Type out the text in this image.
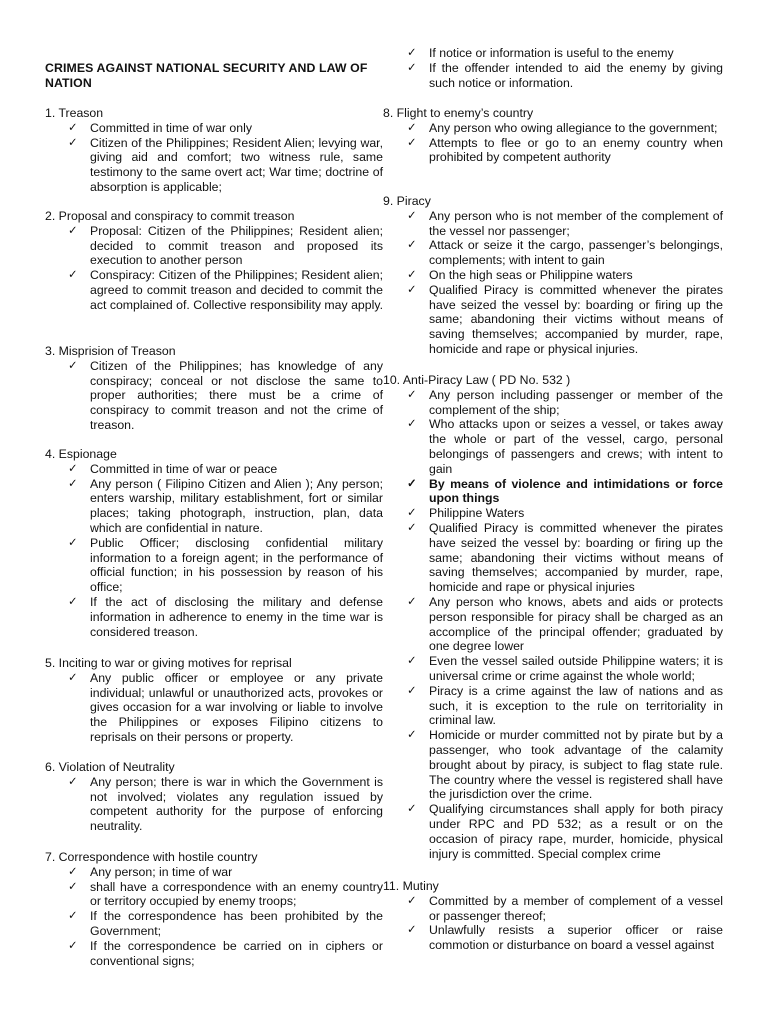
CRIMES AGAINST NATIONAL SECURITY AND LAW OF NATION

1. Treason

✓ Committed in time of war only
✓ Citizen of the Philippines; Resident Alien; levying war, giving aid and comfort; two witness rule, same testimony to the same overt act; War time; doctrine of absorption is applicable;

2. Proposal and conspiracy to commit treason

✓ Proposal: Citizen of the Philippines; Resident alien; decided to commit treason and proposed its execution to another person
✓ Conspiracy: Citizen of the Philippines; Resident alien; agreed to commit treason and decided to commit the act complained of. Collective responsibility may apply.

3. Misprision of Treason

✓ Citizen of the Philippines; has knowledge of any conspiracy; conceal or not disclose the same to proper authorities; there must be a crime of conspiracy to commit treason and not the crime of treason.

4. Espionage

✓ Committed in time of war or peace
✓ Any person ( Filipino Citizen and Alien ); Any person; enters warship, military establishment, fort or similar places; taking photograph, instruction, plan, data which are confidential in nature.
✓ Public Officer; disclosing confidential military information to a foreign agent; in the performance of official function; in his possession by reason of his office;
✓ If the act of disclosing the military and defense information in adherence to enemy in the time war is considered treason.

5. Inciting to war or giving motives for reprisal

✓ Any public officer or employee or any private individual; unlawful or unauthorized acts, provokes or gives occasion for a war involving or liable to involve the Philippines or exposes Filipino citizens to reprisals on their persons or property.

6. Violation of Neutrality

✓ Any person; there is war in which the Government is not involved; violates any regulation issued by competent authority for the purpose of enforcing neutrality.

7. Correspondence with hostile country

✓ Any person; in time of war
✓ shall have a correspondence with an enemy country or territory occupied by enemy troops;
✓ If the correspondence has been prohibited by the Government;
✓ If the correspondence be carried on in ciphers or conventional signs;
✓ If notice or information is useful to the enemy
✓ If the offender intended to aid the enemy by giving such notice or information.

8. Flight to enemy’s country

✓ Any person who owing allegiance to the government;
✓ Attempts to flee or go to an enemy country when prohibited by competent authority

9. Piracy

✓ Any person who is not member of the complement of the vessel nor passenger;
✓ Attack or seize it the cargo, passenger’s belongings, complements; with intent to gain
✓ On the high seas or Philippine waters
✓ Qualified Piracy is committed whenever the pirates have seized the vessel by: boarding or firing up the same; abandoning their victims without means of saving themselves; accompanied by murder, rape, homicide and rape or physical injuries.

10. Anti-Piracy Law ( PD No. 532 )

✓ Any person including passenger or member of the complement of the ship;
✓ Who attacks upon or seizes a vessel, or takes away the whole or part of the vessel, cargo, personal belongings of passengers and crews; with intent to gain
✓ By means of violence and intimidations or force upon things
✓ Philippine Waters
✓ Qualified Piracy is committed whenever the pirates have seized the vessel by: boarding or firing up the same; abandoning their victims without means of saving themselves; accompanied by murder, rape, homicide and rape or physical injuries
✓ Any person who knows, abets and aids or protects person responsible for piracy shall be charged as an accomplice of the principal offender; graduated by one degree lower
✓ Even the vessel sailed outside Philippine waters; it is universal crime or crime against the whole world;
✓ Piracy is a crime against the law of nations and as such, it is exception to the rule on territoriality in criminal law.
✓ Homicide or murder committed not by pirate but by a passenger, who took advantage of the calamity brought about by piracy, is subject to flag state rule. The country where the vessel is registered shall have the jurisdiction over the crime.
✓ Qualifying circumstances shall apply for both piracy under RPC and PD 532; as a result or on the occasion of piracy rape, murder, homicide, physical injury is committed. Special complex crime

11. Mutiny

✓ Committed by a member of complement of a vessel or passenger thereof;
✓ Unlawfully resists a superior officer or raise commotion or disturbance on board a vessel against
